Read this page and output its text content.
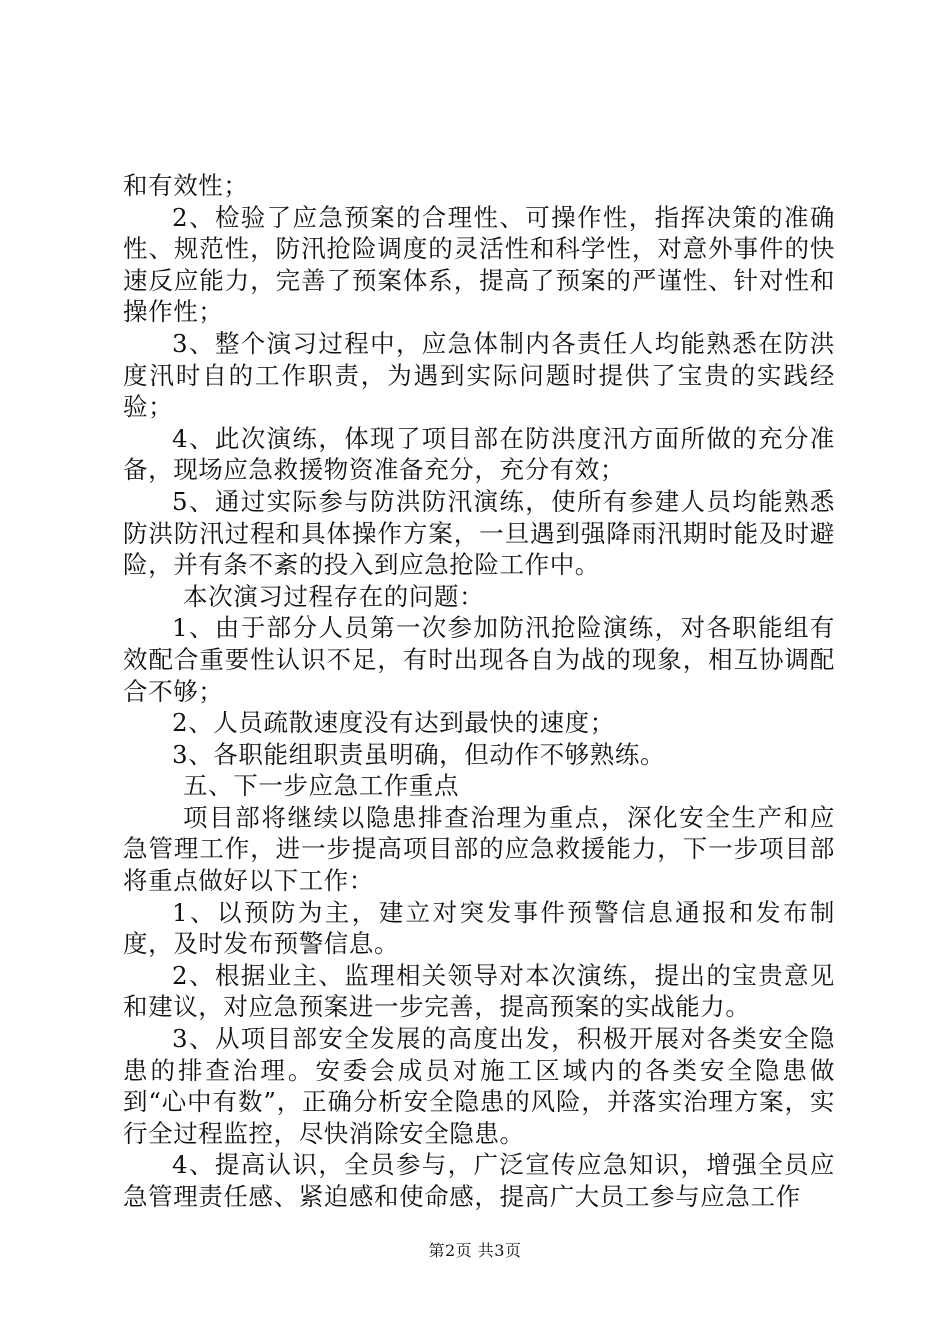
和有效性；

2、检验了应急预案的合理性、可操作性，指挥决策的准确性、规范性，防汛抢险调度的灵活性和科学性，对意外事件的快速反应能力，完善了预案体系，提高了预案的严谨性、针对性和操作性；

3、整个演习过程中，应急体制内各责任人均能熟悉在防洪度汛时自的工作职责，为遇到实际问题时提供了宝贵的实践经验；

4、此次演练，体现了项目部在防洪度汛方面所做的充分准备，现场应急救援物资准备充分，充分有效；

5、通过实际参与防洪防汛演练，使所有参建人员均能熟悉防洪防汛过程和具体操作方案，一旦遇到强降雨汛期时能及时避险，并有条不紊的投入到应急抢险工作中。

本次演习过程存在的问题：

1、由于部分人员第一次参加防汛抢险演练，对各职能组有效配合重要性认识不足，有时出现各自为战的现象，相互协调配合不够；

2、人员疏散速度没有达到最快的速度；

3、各职能组职责虽明确，但动作不够熟练。

五、下一步应急工作重点

项目部将继续以隐患排查治理为重点，深化安全生产和应急管理工作，进一步提高项目部的应急救援能力，下一步项目部将重点做好以下工作：

1、以预防为主，建立对突发事件预警信息通报和发布制度，及时发布预警信息。

2、根据业主、监理相关领导对本次演练，提出的宝贵意见和建议，对应急预案进一步完善，提高预案的实战能力。

3、从项目部安全发展的高度出发，积极开展对各类安全隐患的排查治理。安委会成员对施工区域内的各类安全隐患做到“心中有数”，正确分析安全隐患的风险，并落实治理方案，实行全过程监控，尽快消除安全隐患。

4、提高认识，全员参与，广泛宣传应急知识，增强全员应急管理责任感、紧迫感和使命感，提高广大员工参与应急工作

第2页 共3页
